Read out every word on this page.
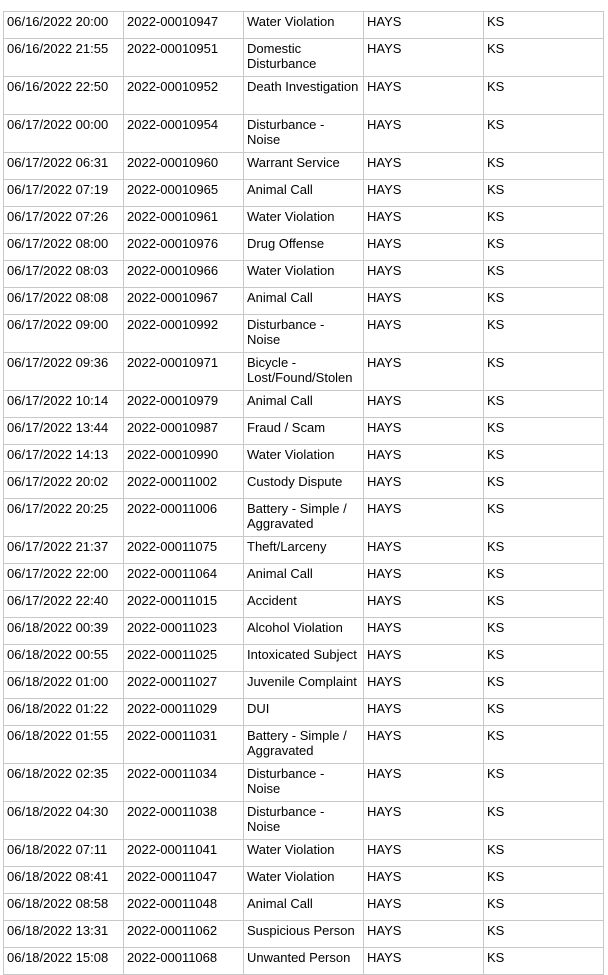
06/16/2022 20:00	2022-00010947	Water Violation	HAYS	KS
06/16/2022 21:55	2022-00010951	Domestic Disturbance	HAYS	KS
06/16/2022 22:50	2022-00010952	Death Investigation	HAYS	KS
06/17/2022 00:00	2022-00010954	Disturbance - Noise	HAYS	KS
06/17/2022 06:31	2022-00010960	Warrant Service	HAYS	KS
06/17/2022 07:19	2022-00010965	Animal Call	HAYS	KS
06/17/2022 07:26	2022-00010961	Water Violation	HAYS	KS
06/17/2022 08:00	2022-00010976	Drug Offense	HAYS	KS
06/17/2022 08:03	2022-00010966	Water Violation	HAYS	KS
06/17/2022 08:08	2022-00010967	Animal Call	HAYS	KS
06/17/2022 09:00	2022-00010992	Disturbance - Noise	HAYS	KS
06/17/2022 09:36	2022-00010971	Bicycle - Lost/Found/Stolen	HAYS	KS
06/17/2022 10:14	2022-00010979	Animal Call	HAYS	KS
06/17/2022 13:44	2022-00010987	Fraud / Scam	HAYS	KS
06/17/2022 14:13	2022-00010990	Water Violation	HAYS	KS
06/17/2022 20:02	2022-00011002	Custody Dispute	HAYS	KS
06/17/2022 20:25	2022-00011006	Battery - Simple / Aggravated	HAYS	KS
06/17/2022 21:37	2022-00011075	Theft/Larceny	HAYS	KS
06/17/2022 22:00	2022-00011064	Animal Call	HAYS	KS
06/17/2022 22:40	2022-00011015	Accident	HAYS	KS
06/18/2022 00:39	2022-00011023	Alcohol Violation	HAYS	KS
06/18/2022 00:55	2022-00011025	Intoxicated Subject	HAYS	KS
06/18/2022 01:00	2022-00011027	Juvenile Complaint	HAYS	KS
06/18/2022 01:22	2022-00011029	DUI	HAYS	KS
06/18/2022 01:55	2022-00011031	Battery - Simple / Aggravated	HAYS	KS
06/18/2022 02:35	2022-00011034	Disturbance - Noise	HAYS	KS
06/18/2022 04:30	2022-00011038	Disturbance - Noise	HAYS	KS
06/18/2022 07:11	2022-00011041	Water Violation	HAYS	KS
06/18/2022 08:41	2022-00011047	Water Violation	HAYS	KS
06/18/2022 08:58	2022-00011048	Animal Call	HAYS	KS
06/18/2022 13:31	2022-00011062	Suspicious Person	HAYS	KS
06/18/2022 15:08	2022-00011068	Unwanted Person	HAYS	KS
